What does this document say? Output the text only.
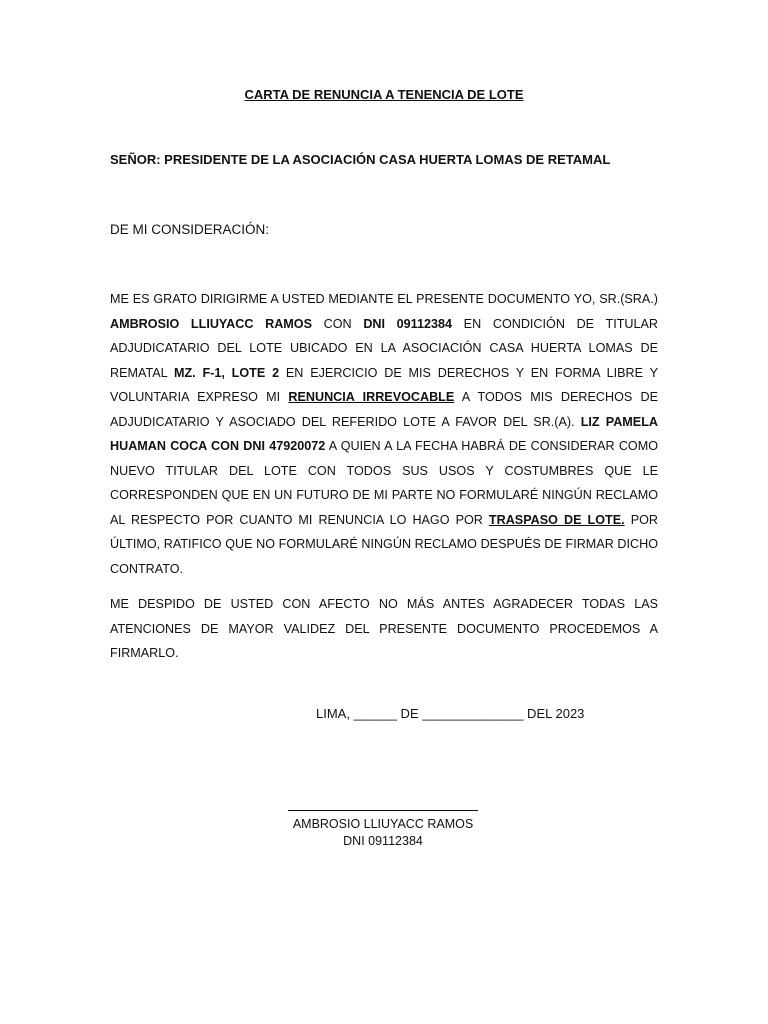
CARTA DE RENUNCIA A TENENCIA DE LOTE
SEÑOR: PRESIDENTE DE LA ASOCIACIÓN CASA HUERTA LOMAS DE RETAMAL
DE MI CONSIDERACIÓN:

ME ES GRATO DIRIGIRME A USTED MEDIANTE EL PRESENTE DOCUMENTO YO, SR.(SRA.) AMBROSIO LLIUYACC RAMOS CON DNI 09112384 EN CONDICIÓN DE TITULAR ADJUDICATARIO DEL LOTE UBICADO EN LA ASOCIACIÓN CASA HUERTA LOMAS DE REMATAL MZ. F-1, LOTE 2 EN EJERCICIO DE MIS DERECHOS Y EN FORMA LIBRE Y VOLUNTARIA EXPRESO MI RENUNCIA IRREVOCABLE A TODOS MIS DERECHOS DE ADJUDICATARIO Y ASOCIADO DEL REFERIDO LOTE A FAVOR DEL SR.(A). LIZ PAMELA HUAMAN COCA CON DNI 47920072 A QUIEN A LA FECHA HABRÁ DE CONSIDERAR COMO NUEVO TITULAR DEL LOTE CON TODOS SUS USOS Y COSTUMBRES QUE LE CORRESPONDEN QUE EN UN FUTURO DE MI PARTE NO FORMULARÉ NINGÚN RECLAMO AL RESPECTO POR CUANTO MI RENUNCIA LO HAGO POR TRASPASO DE LOTE. POR ÚLTIMO, RATIFICO QUE NO FORMULARÉ NINGÚN RECLAMO DESPUÉS DE FIRMAR DICHO CONTRATO.

ME DESPIDO DE USTED CON AFECTO NO MÁS ANTES AGRADECER TODAS LAS ATENCIONES DE MAYOR VALIDEZ DEL PRESENTE DOCUMENTO PROCEDEMOS A FIRMARLO.

LIMA, ______ DE ______________ DEL 2023
AMBROSIO LLIUYACC RAMOS
DNI 09112384
